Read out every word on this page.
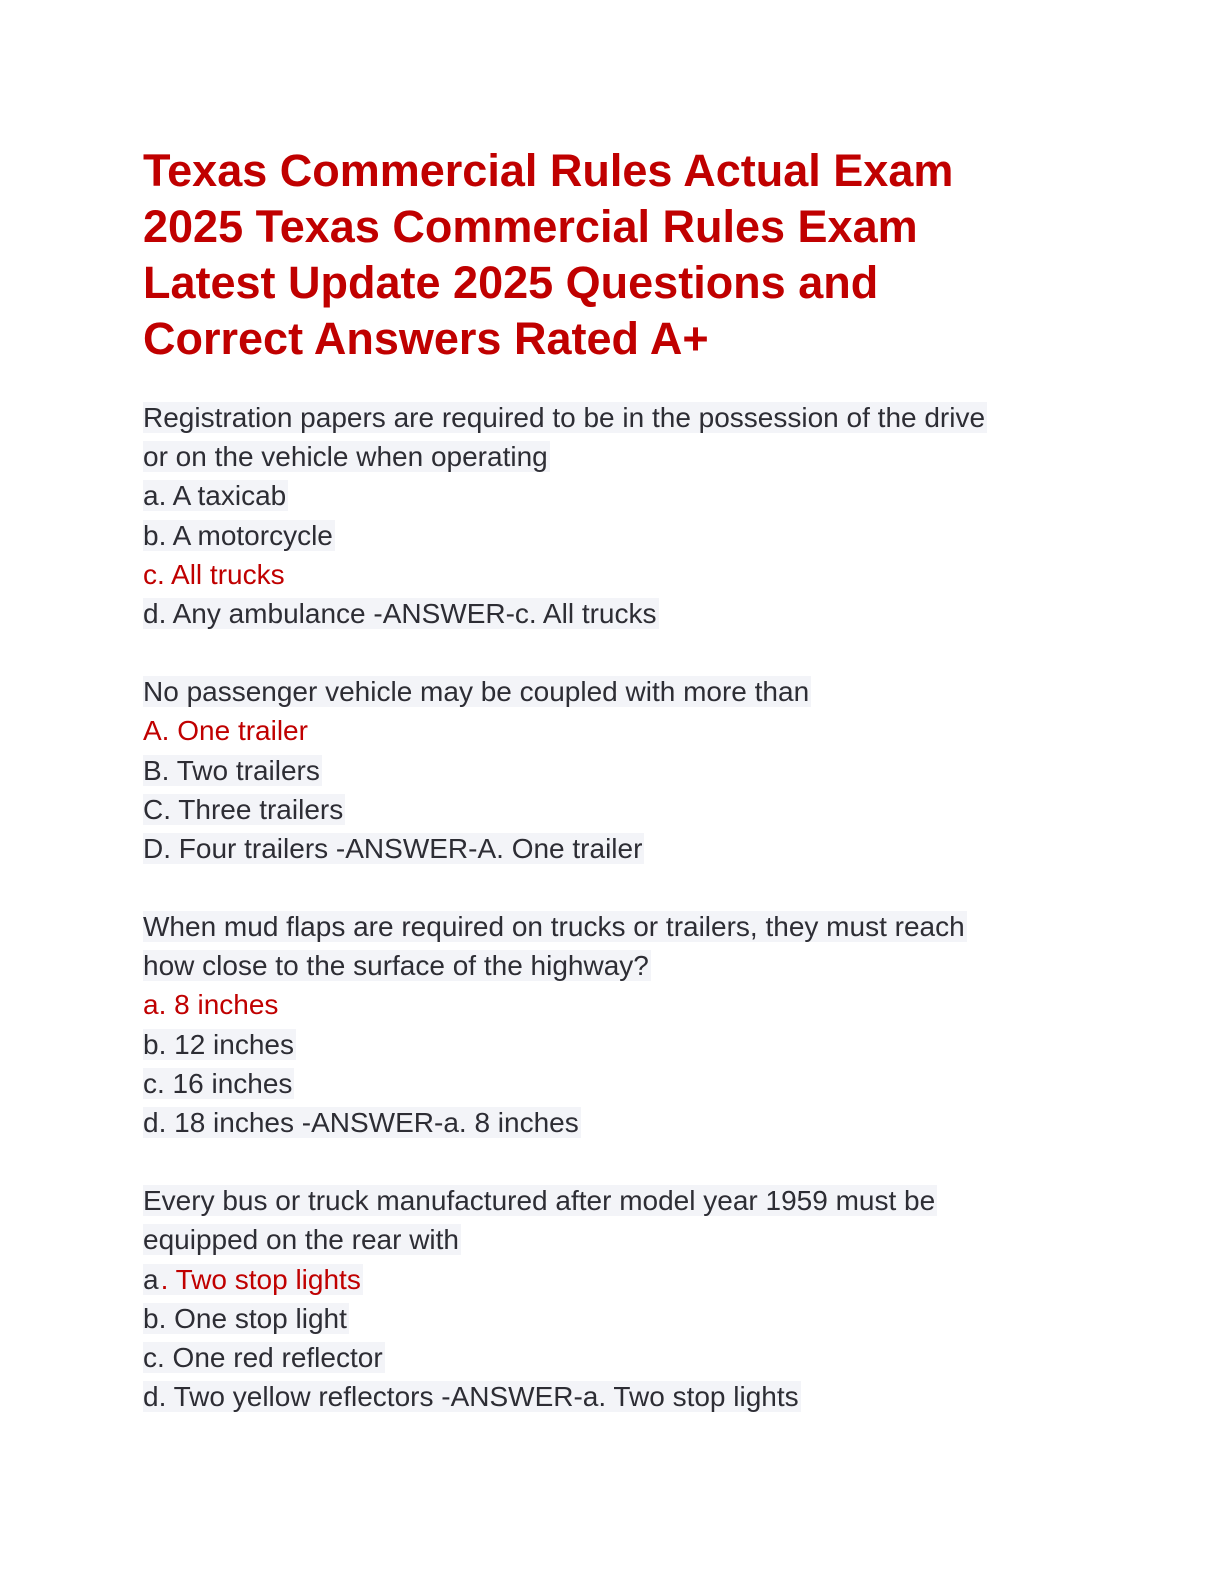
Texas Commercial Rules Actual Exam
2025 Texas Commercial Rules Exam
Latest Update 2025 Questions and
Correct Answers Rated A+
Registration papers are required to be in the possession of the drive
or on the vehicle when operating
a. A taxicab
b. A motorcycle
c. All trucks
d. Any ambulance -ANSWER-c. All trucks
No passenger vehicle may be coupled with more than
A. One trailer
B. Two trailers
C. Three trailers
D. Four trailers -ANSWER-A. One trailer
When mud flaps are required on trucks or trailers, they must reach
how close to the surface of the highway?
a. 8 inches
b. 12 inches
c. 16 inches
d. 18 inches -ANSWER-a. 8 inches
Every bus or truck manufactured after model year 1959 must be
equipped on the rear with
a. Two stop lights
b. One stop light
c. One red reflector
d. Two yellow reflectors -ANSWER-a. Two stop lights
